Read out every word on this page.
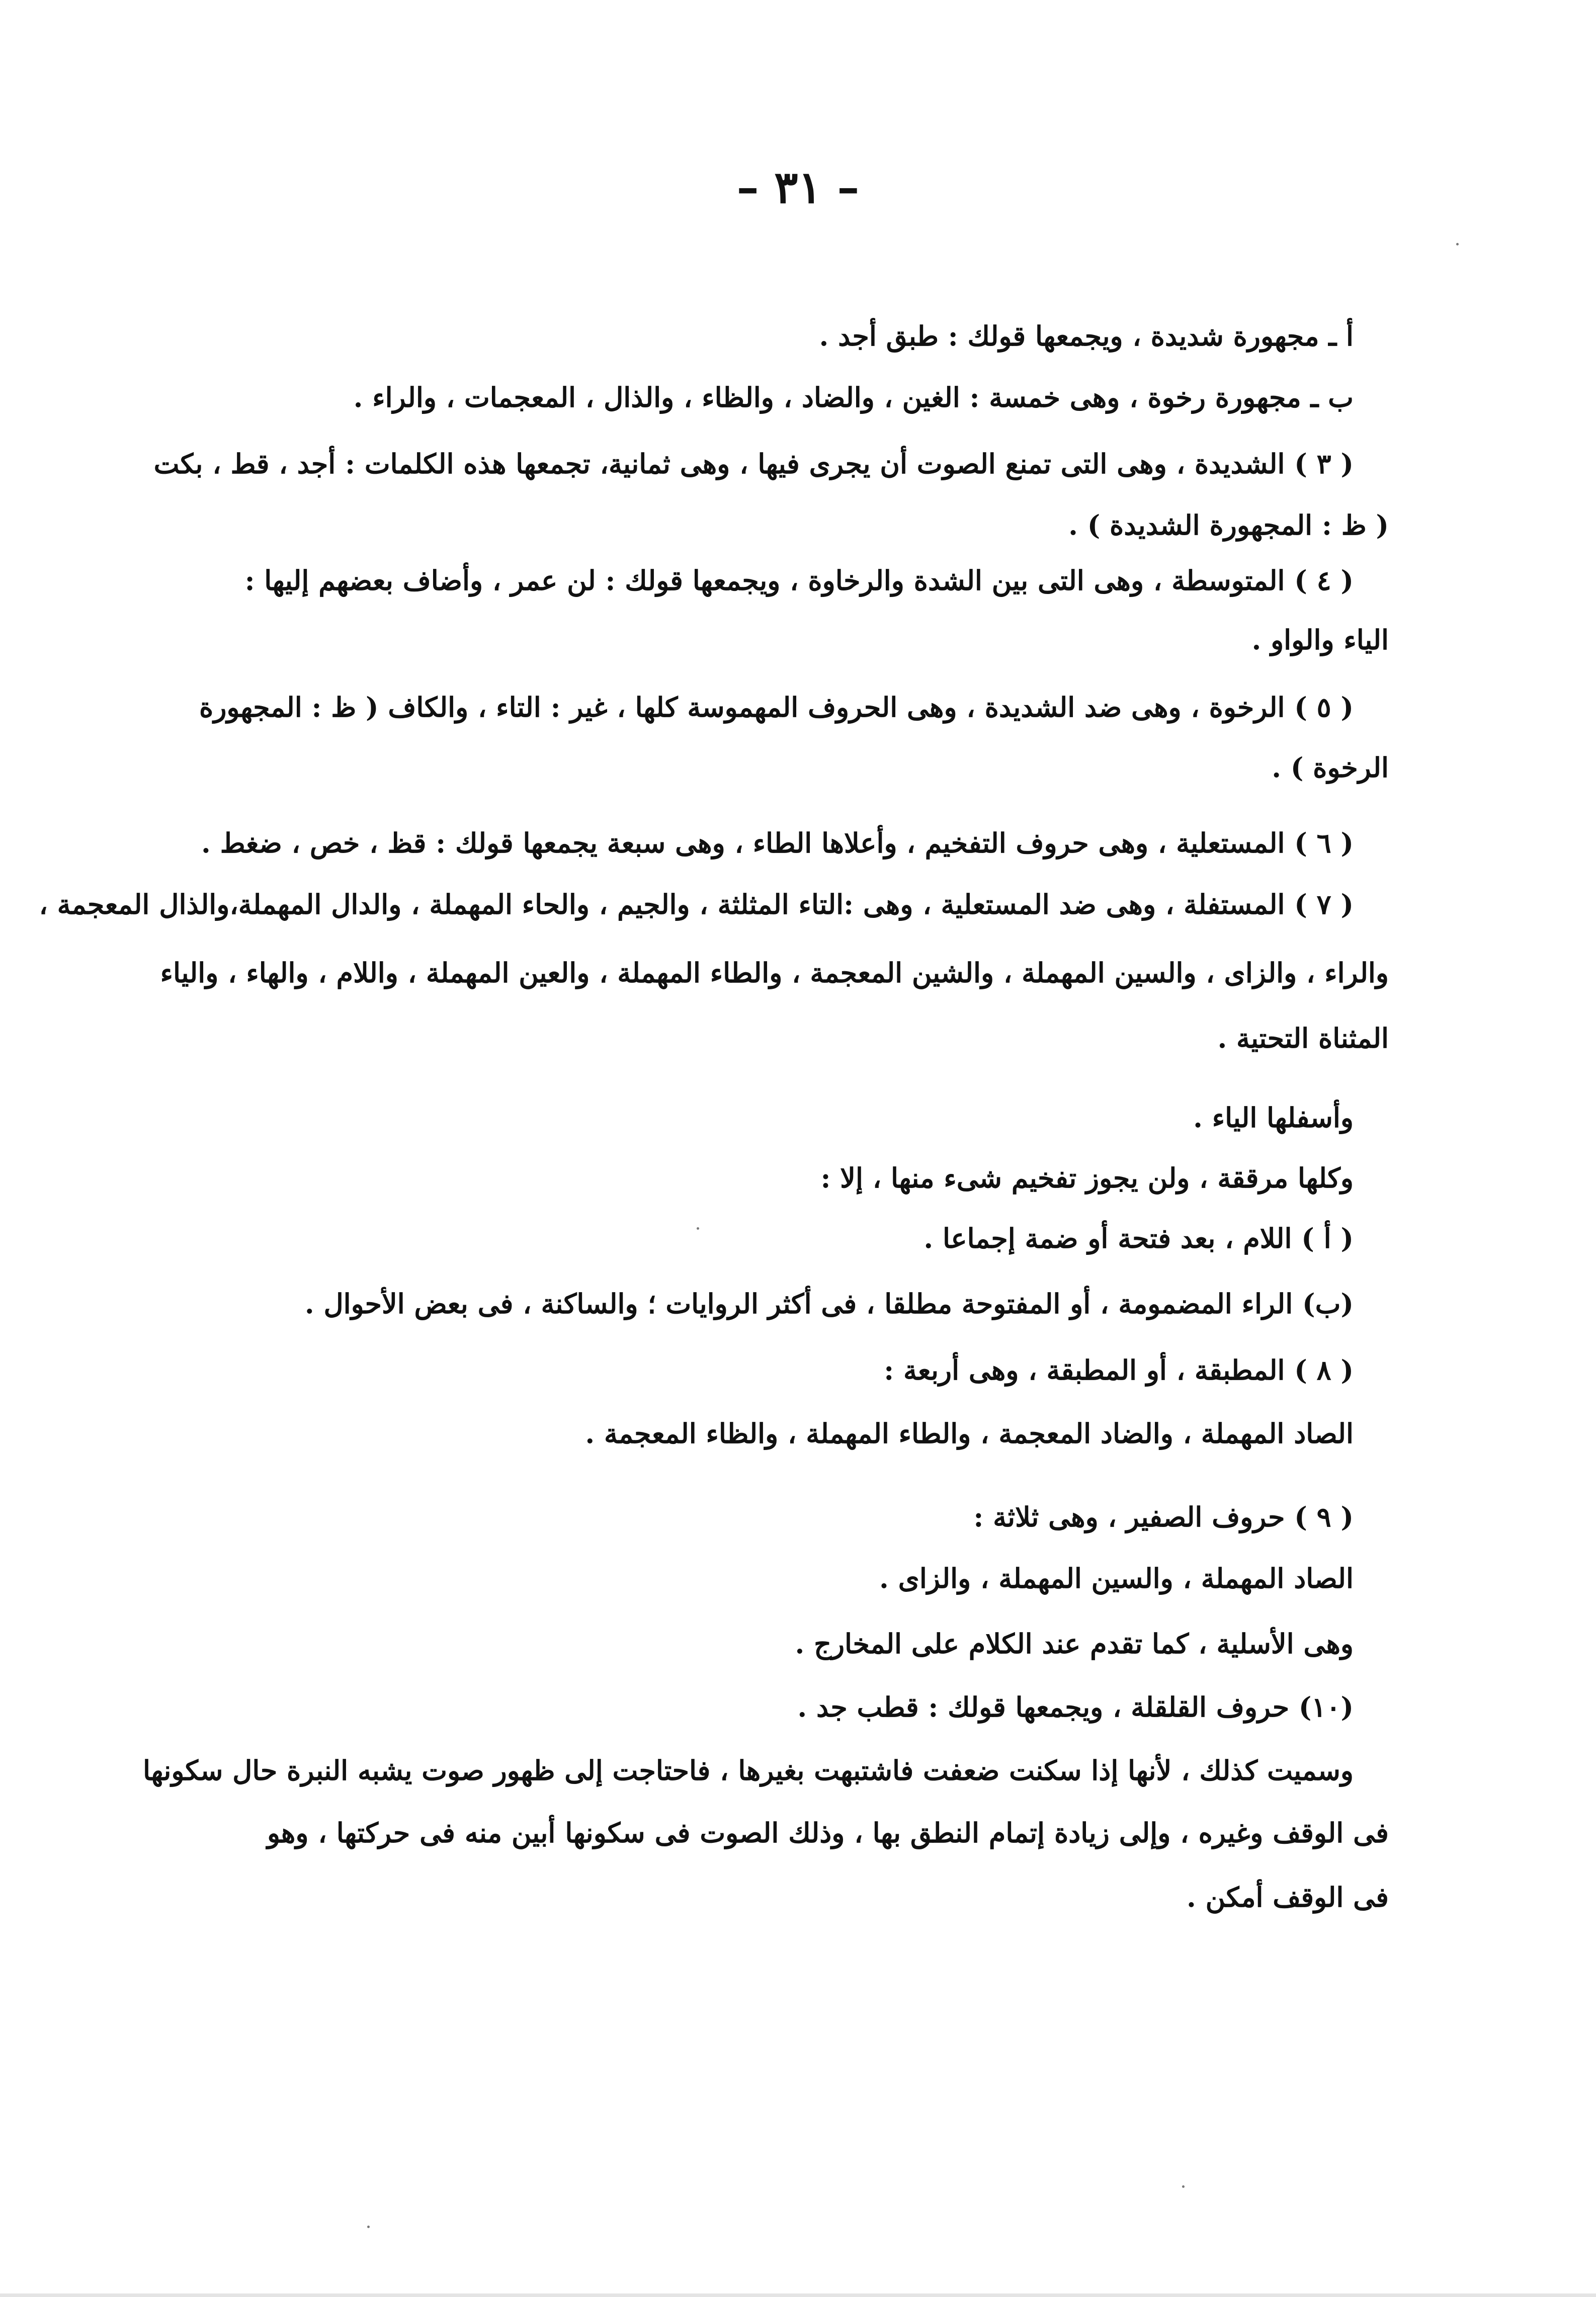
– ٣١ –
أ ـ مجهورة شديدة ، ويجمعها قولك : طبق أجد .
ب ـ مجهورة رخوة ، وهى خمسة : الغين ، والضاد ، والظاء ، والذال ، المعجمات ، والراء .
( ٣ ) الشديدة ، وهى التى تمنع الصوت أن يجرى فيها ، وهى ثمانية، تجمعها هذه الكلمات : أجد ، قط ، بكت
( ظ : المجهورة الشديدة ) .
( ٤ ) المتوسطة ، وهى التى بين الشدة والرخاوة ، ويجمعها قولك : لن عمر ، وأضاف بعضهم إليها :
الياء والواو .
( ٥ ) الرخوة ، وهى ضد الشديدة ، وهى الحروف المهموسة كلها ، غير : التاء ، والكاف ( ظ : المجهورة
الرخوة ) .
( ٦ ) المستعلية ، وهى حروف التفخيم ، وأعلاها الطاء ، وهى سبعة يجمعها قولك : قظ ، خص ، ضغط .
( ٧ ) المستفلة ، وهى ضد المستعلية ، وهى :التاء المثلثة ، والجيم ، والحاء المهملة ، والدال المهملة،والذال المعجمة ،
والراء ، والزاى ، والسين المهملة ، والشين المعجمة ، والطاء المهملة ، والعين المهملة ، واللام ، والهاء ، والياء
المثناة التحتية .
وأسفلها الياء .
وكلها مرققة ، ولن يجوز تفخيم شىء منها ، إلا :
( أ ) اللام ، بعد فتحة أو ضمة إجماعا .
(ب) الراء المضمومة ، أو المفتوحة مطلقا ، فى أكثر الروايات ؛ والساكنة ، فى بعض الأحوال .
( ٨ ) المطبقة ، أو المطبقة ، وهى أربعة :
الصاد المهملة ، والضاد المعجمة ، والطاء المهملة ، والظاء المعجمة .
( ٩ ) حروف الصفير ، وهى ثلاثة :
الصاد المهملة ، والسين المهملة ، والزاى .
وهى الأسلية ، كما تقدم عند الكلام على المخارج .
(١٠) حروف القلقلة ، ويجمعها قولك : قطب جد .
وسميت كذلك ، لأنها إذا سكنت ضعفت فاشتبهت بغيرها ، فاحتاجت إلى ظهور صوت يشبه النبرة حال سكونها
فى الوقف وغيره ، وإلى زيادة إتمام النطق بها ، وذلك الصوت فى سكونها أبين منه فى حركتها ، وهو
فى الوقف أمكن .
